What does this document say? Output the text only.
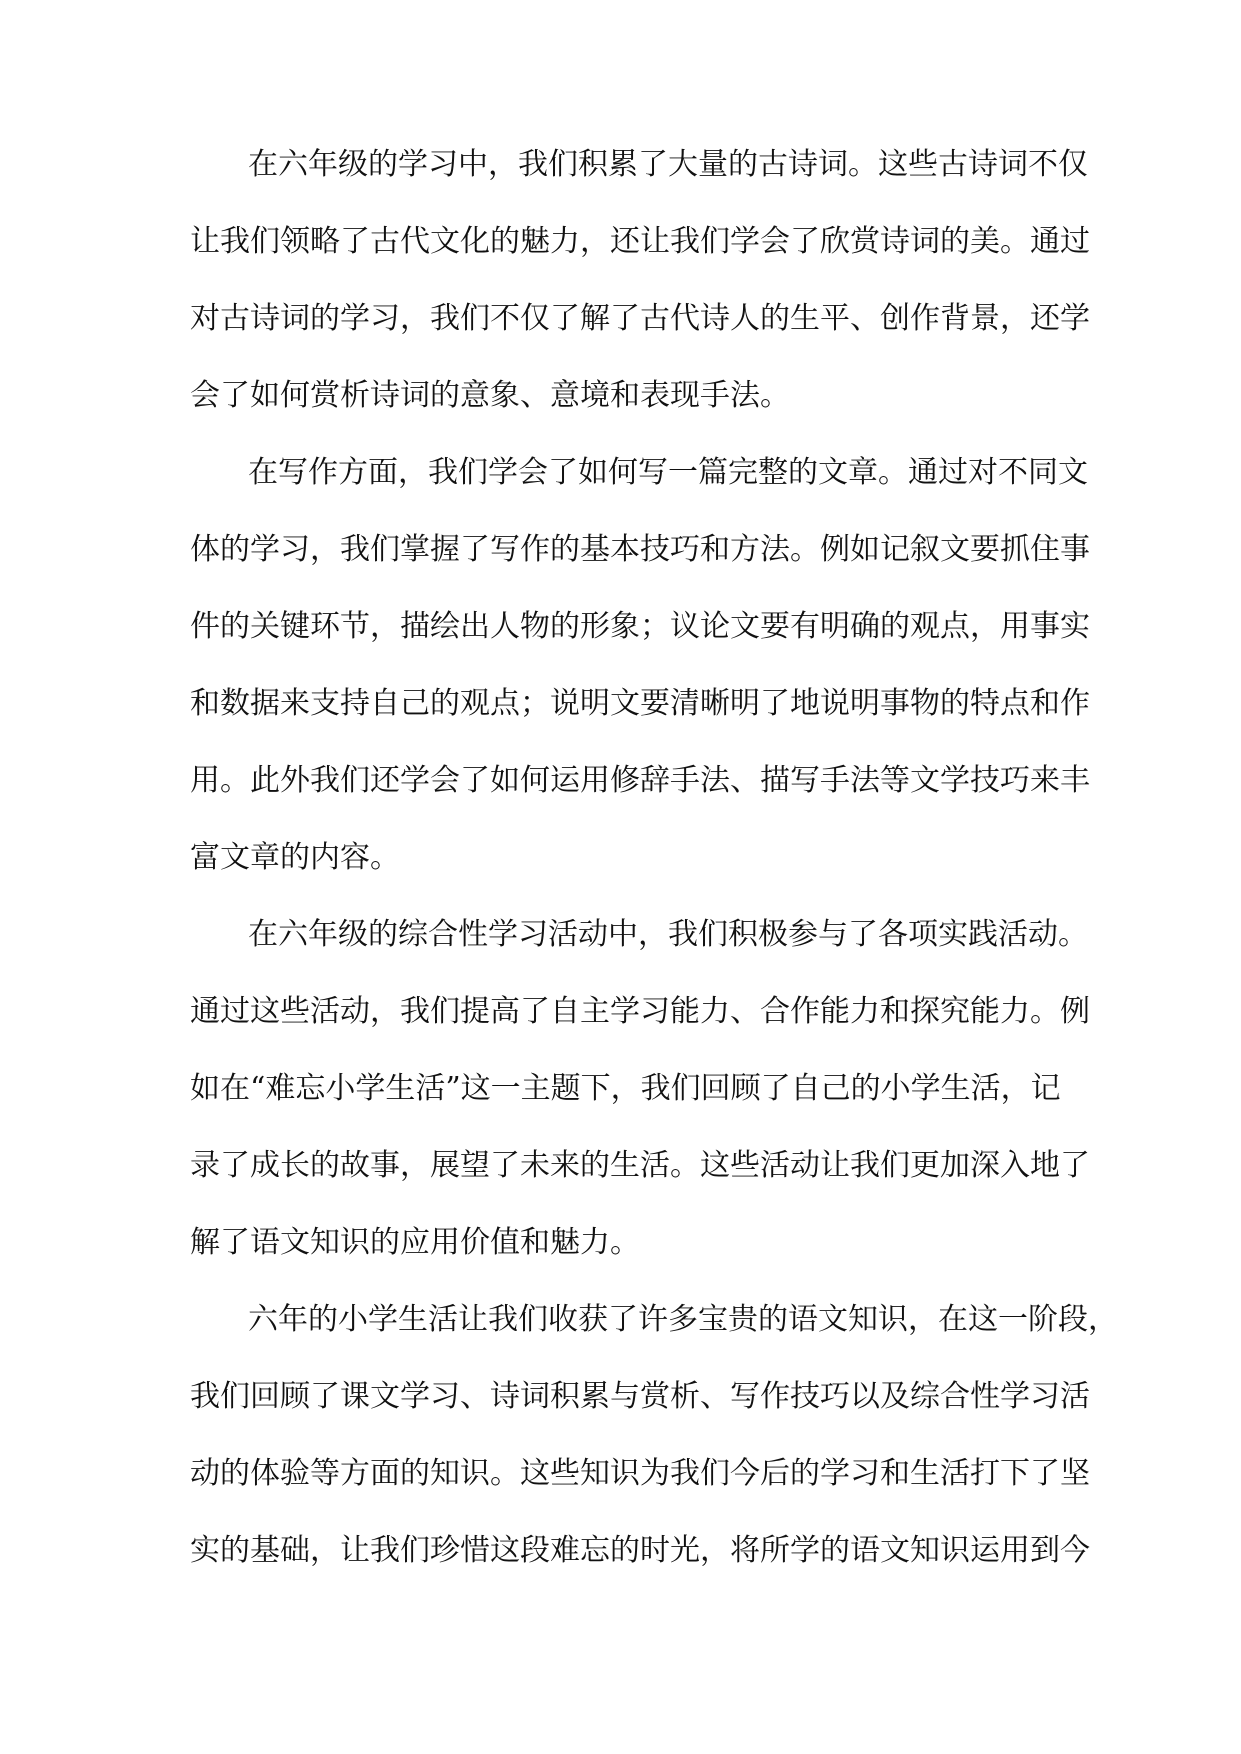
在六年级的学习中，我们积累了大量的古诗词。这些古诗词不仅
让我们领略了古代文化的魅力，还让我们学会了欣赏诗词的美。通过
对古诗词的学习，我们不仅了解了古代诗人的生平、创作背景，还学
会了如何赏析诗词的意象、意境和表现手法。
在写作方面，我们学会了如何写一篇完整的文章。通过对不同文
体的学习，我们掌握了写作的基本技巧和方法。例如记叙文要抓住事
件的关键环节，描绘出人物的形象；议论文要有明确的观点，用事实
和数据来支持自己的观点；说明文要清晰明了地说明事物的特点和作
用。此外我们还学会了如何运用修辞手法、描写手法等文学技巧来丰
富文章的内容。
在六年级的综合性学习活动中，我们积极参与了各项实践活动。
通过这些活动，我们提高了自主学习能力、合作能力和探究能力。例
如在“难忘小学生活”这一主题下，我们回顾了自己的小学生活，记
录了成长的故事，展望了未来的生活。这些活动让我们更加深入地了
解了语文知识的应用价值和魅力。
六年的小学生活让我们收获了许多宝贵的语文知识，在这一阶段，
我们回顾了课文学习、诗词积累与赏析、写作技巧以及综合性学习活
动的体验等方面的知识。这些知识为我们今后的学习和生活打下了坚
实的基础，让我们珍惜这段难忘的时光，将所学的语文知识运用到今
